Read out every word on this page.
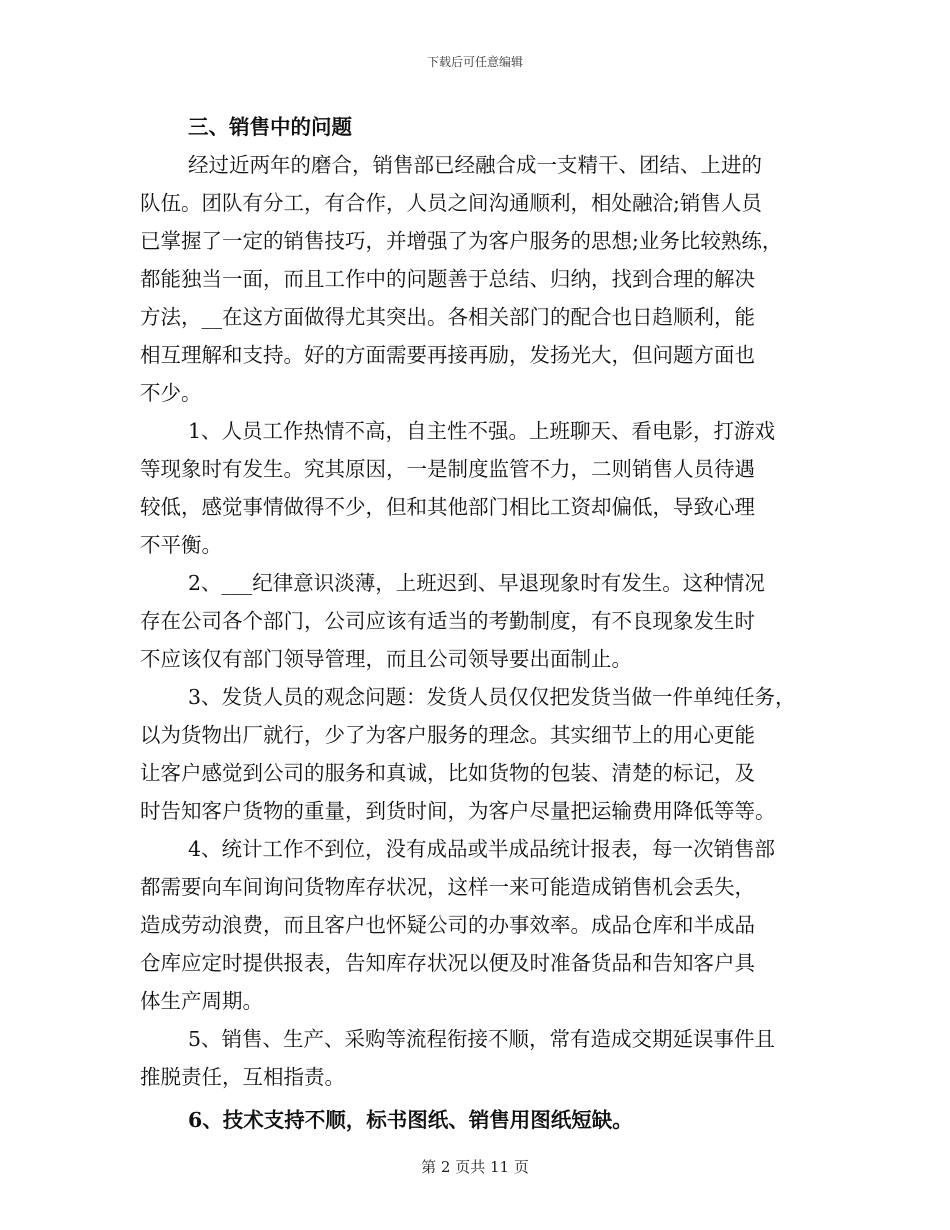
下载后可任意编辑
三、销售中的问题
经过近两年的磨合，销售部已经融合成一支精干、团结、上进的
队伍。团队有分工，有合作，人员之间沟通顺利，相处融洽;销售人员
已掌握了一定的销售技巧，并增强了为客户服务的思想;业务比较熟练，
都能独当一面，而且工作中的问题善于总结、归纳，找到合理的解决
方法，__在这方面做得尤其突出。各相关部门的配合也日趋顺利，能
相互理解和支持。好的方面需要再接再励，发扬光大，但问题方面也
不少。
1、人员工作热情不高，自主性不强。上班聊天、看电影，打游戏
等现象时有发生。究其原因，一是制度监管不力，二则销售人员待遇
较低，感觉事情做得不少，但和其他部门相比工资却偏低，导致心理
不平衡。
2、___纪律意识淡薄，上班迟到、早退现象时有发生。这种情况
存在公司各个部门，公司应该有适当的考勤制度，有不良现象发生时
不应该仅有部门领导管理，而且公司领导要出面制止。
3、发货人员的观念问题：发货人员仅仅把发货当做一件单纯任务，
以为货物出厂就行，少了为客户服务的理念。其实细节上的用心更能
让客户感觉到公司的服务和真诚，比如货物的包装、清楚的标记，及
时告知客户货物的重量，到货时间，为客户尽量把运输费用降低等等。
4、统计工作不到位，没有成品或半成品统计报表，每一次销售部
都需要向车间询问货物库存状况，这样一来可能造成销售机会丢失，
造成劳动浪费，而且客户也怀疑公司的办事效率。成品仓库和半成品
仓库应定时提供报表，告知库存状况以便及时准备货品和告知客户具
体生产周期。
5、销售、生产、采购等流程衔接不顺，常有造成交期延误事件且
推脱责任，互相指责。
6、技术支持不顺，标书图纸、销售用图纸短缺。
第 2 页共 11 页
